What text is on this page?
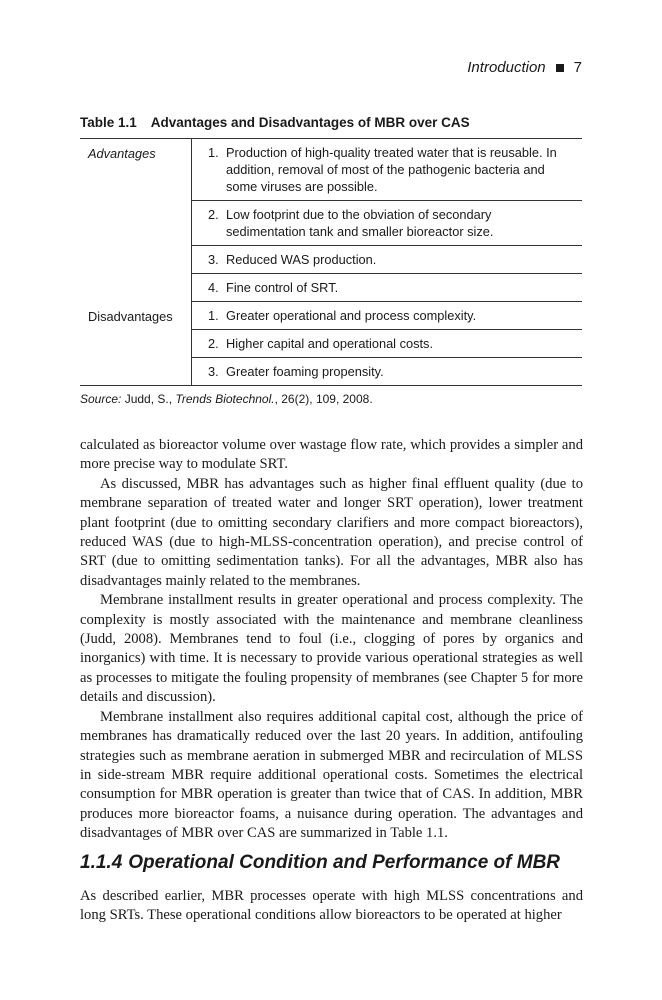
Introduction 7
Table 1.1 Advantages and Disadvantages of MBR over CAS
Advantages	1. Production of high-quality treated water that is reusable. In addition, removal of most of the pathogenic bacteria and some viruses are possible.

	2. Low footprint due to the obviation of secondary sedimentation tank and smaller bioreactor size.

	3. Reduced WAS production.

	4. Fine control of SRT.

Disadvantages	1. Greater operational and process complexity.

	2. Higher capital and operational costs.

	3. Greater foaming propensity.
Source: Judd, S., Trends Biotechnol., 26(2), 109, 2008.

calculated as bioreactor volume over wastage flow rate, which provides a simpler and more precise way to modulate SRT.

As discussed, MBR has advantages such as higher final effluent quality (due to membrane separation of treated water and longer SRT operation), lower treatment plant footprint (due to omitting secondary clarifiers and more compact bioreactors), reduced WAS (due to high-MLSS-concentration operation), and precise control of SRT (due to omitting sedimentation tanks). For all the advantages, MBR also has disadvantages mainly related to the membranes.

Membrane installment results in greater operational and process complexity. The complexity is mostly associated with the maintenance and membrane cleanliness (Judd, 2008). Membranes tend to foul (i.e., clogging of pores by organics and inorganics) with time. It is necessary to provide various operational strategies as well as processes to mitigate the fouling propensity of membranes (see Chapter 5 for more details and discussion).

Membrane installment also requires additional capital cost, although the price of membranes has dramatically reduced over the last 20 years. In addition, antifouling strategies such as membrane aeration in submerged MBR and recirculation of MLSS in side-stream MBR require additional operational costs. Sometimes the electrical consumption for MBR operation is greater than twice that of CAS. In addition, MBR produces more bioreactor foams, a nuisance during operation. The advantages and disadvantages of MBR over CAS are summarized in Table 1.1.

1.1.4 Operational Condition and Performance of MBR

As described earlier, MBR processes operate with high MLSS concentrations and long SRTs. These operational conditions allow bioreactors to be operated at higher
